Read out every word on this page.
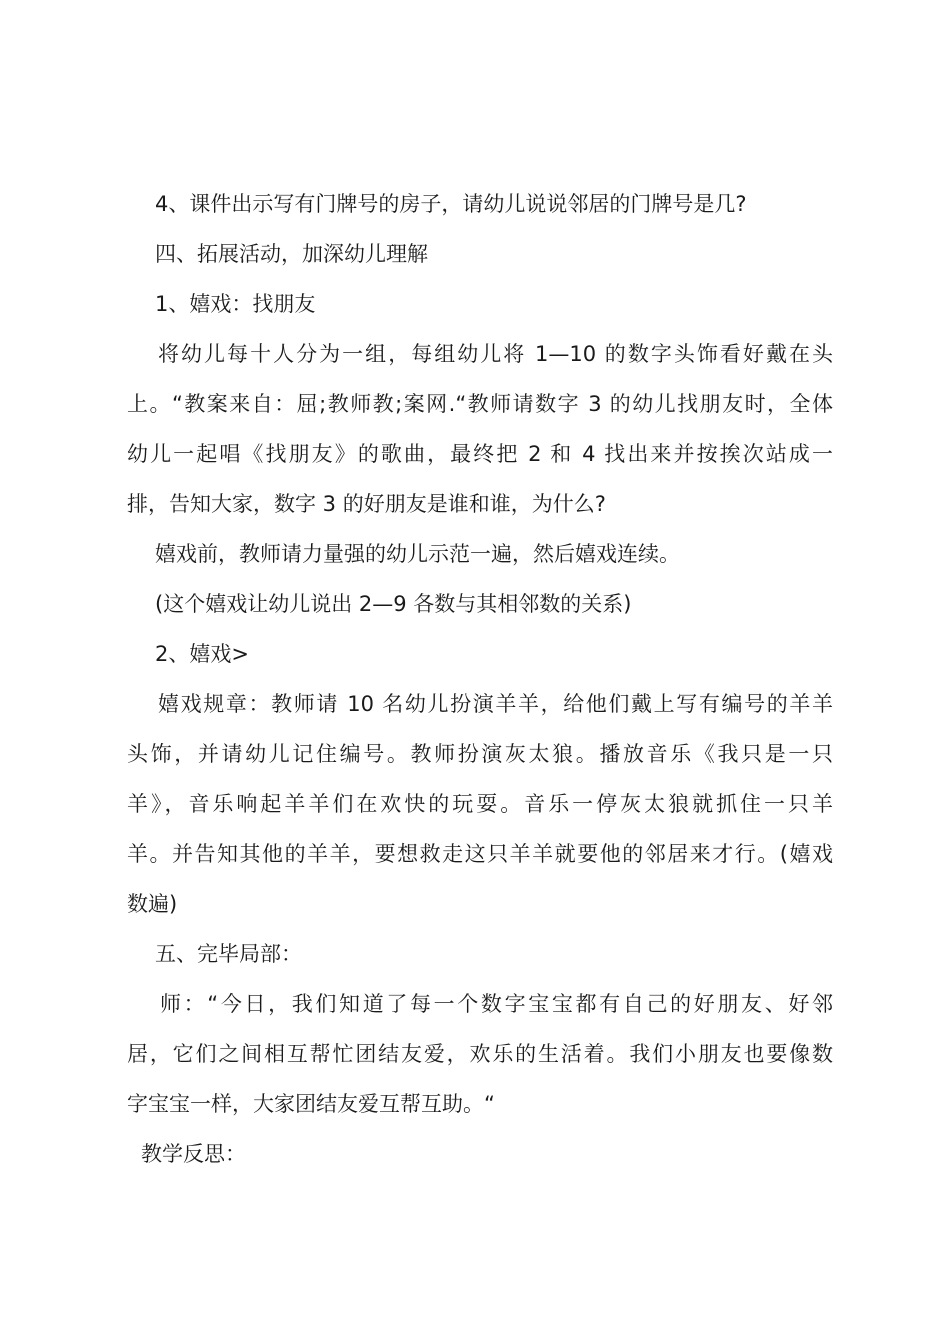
4、课件出示写有门牌号的房子，请幼儿说说邻居的门牌号是几?
四、拓展活动，加深幼儿理解
1、嬉戏：找朋友
将幼儿每十人分为一组，每组幼儿将 1—10 的数字头饰看好戴在头
上。“教案来自：屈;教师教;案网.“教师请数字 3 的幼儿找朋友时，全体
幼儿一起唱《找朋友》的歌曲，最终把 2 和 4 找出来并按挨次站成一
排，告知大家，数字 3 的好朋友是谁和谁，为什么?
嬉戏前，教师请力量强的幼儿示范一遍，然后嬉戏连续。
(这个嬉戏让幼儿说出 2—9 各数与其相邻数的关系)
2、嬉戏>
嬉戏规章：教师请 10 名幼儿扮演羊羊，给他们戴上写有编号的羊羊
头饰，并请幼儿记住编号。教师扮演灰太狼。播放音乐《我只是一只
羊》，音乐响起羊羊们在欢快的玩耍。音乐一停灰太狼就抓住一只羊
羊。并告知其他的羊羊，要想救走这只羊羊就要他的邻居来才行。(嬉戏
数遍)
五、完毕局部：
师：“今日，我们知道了每一个数字宝宝都有自己的好朋友、好邻
居，它们之间相互帮忙团结友爱，欢乐的生活着。我们小朋友也要像数
字宝宝一样，大家团结友爱互帮互助。“
教学反思：
